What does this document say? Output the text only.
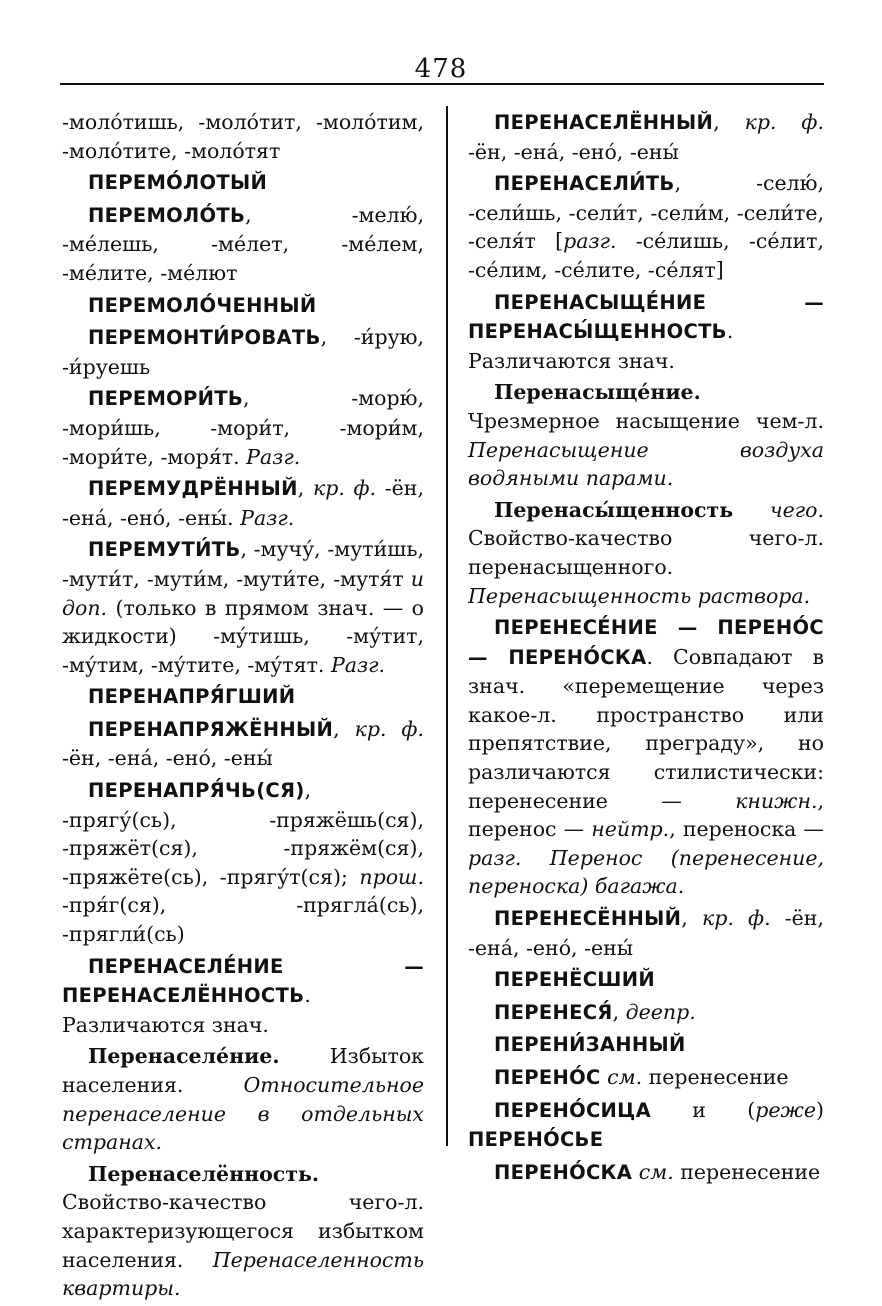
478

-моло́тишь, -моло́тит, -моло́тим, -моло́тите, -моло́тят

ПЕРЕМО́ЛОТЫЙ

ПЕРЕМОЛО́ТЬ, -мелю́, -ме́лешь, -ме́лет, -ме́лем, -ме́лите, -ме́лют

ПЕРЕМОЛО́ЧЕННЫЙ

ПЕРЕМОНТИ́РОВАТЬ, -и́рую, -и́руешь

ПЕРЕМОРИ́ТЬ, -морю́, -мори́шь, -мори́т, -мори́м, -мори́те, -моря́т. Разг.

ПЕРЕМУДРЁННЫЙ, кр. ф. -ён, -ена́, -ено́, -ены́. Разг.

ПЕРЕМУТИ́ТЬ, -мучу́, -мути́шь, -мути́т, -мути́м, -мути́те, -мутя́т и доп. (только в прямом знач. — о жидкости) -му́тишь, -му́тит, -му́тим, -му́тите, -му́тят. Разг.

ПЕРЕНАПРЯ́ГШИЙ

ПЕРЕНАПРЯЖЁННЫЙ, кр. ф. -ён, -ена́, -ено́, -ены́

ПЕРЕНАПРЯ́ЧЬ(СЯ), -прягу́(сь), -пряжёшь(ся), -пряжёт(ся), -пряжём(ся), -пряжёте(сь), -прягу́т(ся); прош. -пря́г(ся), -прягла́(сь), -прягли́(сь)

ПЕРЕНАСЕЛЕ́НИЕ — ПЕРЕНАСЕЛЁННОСТЬ. Различаются знач.

Перенаселе́ние. Избыток населения. Относительное перенаселение в отдельных странах.

Перенаселённость. Свойство-качество чего-л. характеризующегося избытком населения. Перенаселенность квартиры.

ПЕРЕНАСЕЛЁННЫЙ, кр. ф. -ён, -ена́, -ено́, -ены́

ПЕРЕНАСЕЛИ́ТЬ, -селю́, -сели́шь, -сели́т, -сели́м, -сели́те, -селя́т [разг. -се́лишь, -се́лит, -се́лим, -се́лите, -се́лят]

ПЕРЕНАСЫЩЕ́НИЕ — ПЕРЕНАСЫ́ЩЕННОСТЬ. Различаются знач.

Перенасыще́ние. Чрезмерное насыщение чем-л. Перенасыщение воздуха водяными парами.

Перенасы́щенность чего. Свойство-качество чего-л. перенасыщенного. Перенасыщенность раствора.

ПЕРЕНЕСЕ́НИЕ — ПЕРЕНО́С — ПЕРЕНО́СКА. Совпадают в знач. «перемещение через какое-л. пространство или препятствие, преграду», но различаются стилистически: перенесение — книжн., перенос — нейтр., переноска — разг. Перенос (перенесение, переноска) багажа.

ПЕРЕНЕСЁННЫЙ, кр. ф. -ён, -ена́, -ено́, -ены́

ПЕРЕНЁСШИЙ

ПЕРЕНЕСЯ́, деепр.

ПЕРЕНИ́ЗАННЫЙ

ПЕРЕНО́С см. перенесение

ПЕРЕНО́СИЦА и (реже) ПЕРЕНО́СЬЕ

ПЕРЕНО́СКА см. перенесение
